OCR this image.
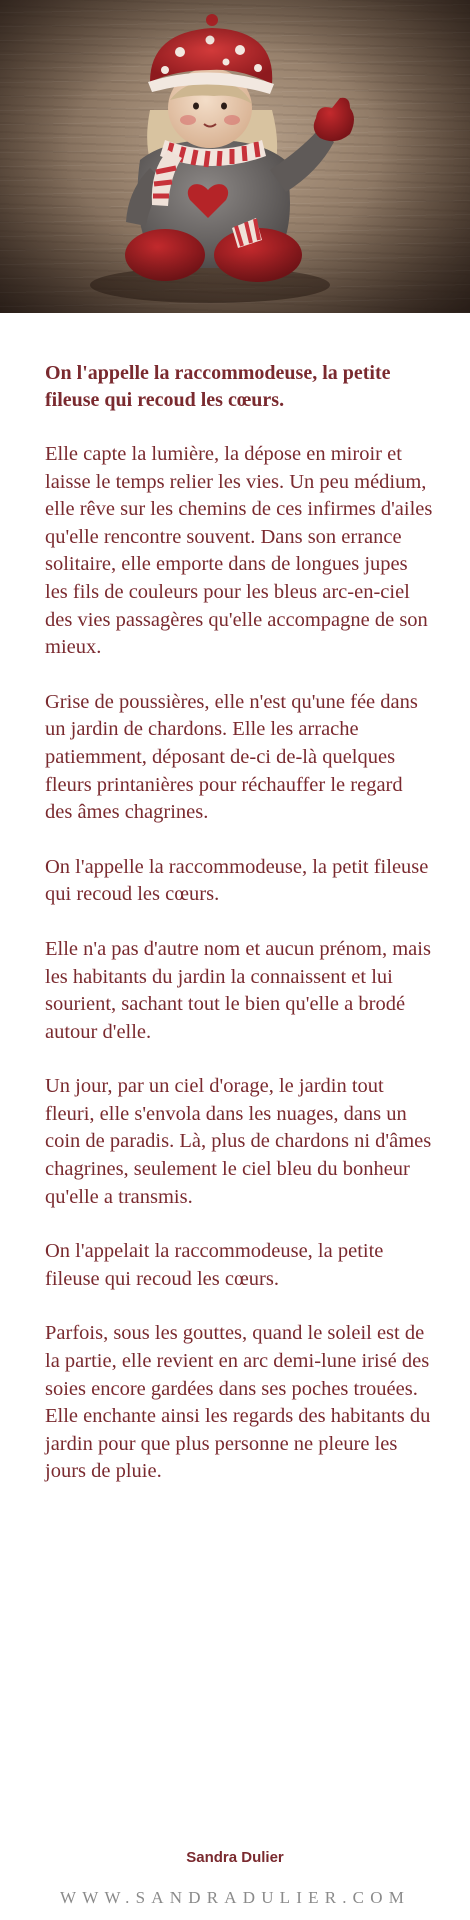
On l'appelle la raccommodeuse, la petite fileuse qui recoud les cœurs.

Elle capte la lumière, la dépose en miroir et laisse le temps relier les vies. Un peu médium, elle rêve sur les chemins de ces infirmes d'ailes qu'elle rencontre souvent. Dans son errance solitaire, elle emporte dans de longues jupes les fils de couleurs pour les bleus arc-en-ciel des vies passagères qu'elle accompagne de son mieux.

Grise de poussières, elle n'est qu'une fée dans un jardin de chardons. Elle les arrache patiemment, déposant de-ci de-là quelques fleurs printanières pour réchauffer le regard des âmes chagrines.

On l'appelle la raccommodeuse, la petit fileuse qui recoud les cœurs.

Elle n'a pas d'autre nom et aucun prénom, mais les habitants du jardin la connaissent et lui sourient, sachant tout le bien qu'elle a brodé autour d'elle.

Un jour, par un ciel d'orage, le jardin tout fleuri, elle s'envola dans les nuages, dans un coin de paradis. Là, plus de chardons ni d'âmes chagrines, seulement le ciel bleu du bonheur qu'elle a transmis.

On l'appelait la raccommodeuse, la petite fileuse qui recoud les cœurs.

Parfois, sous les gouttes, quand le soleil est de la partie, elle revient en arc demi-lune irisé des soies encore gardées dans ses poches trouées. Elle enchante ainsi les regards des habitants du jardin pour que plus personne ne pleure les jours de pluie.

Sandra Dulier
WWW.SANDRADULIER.COM
